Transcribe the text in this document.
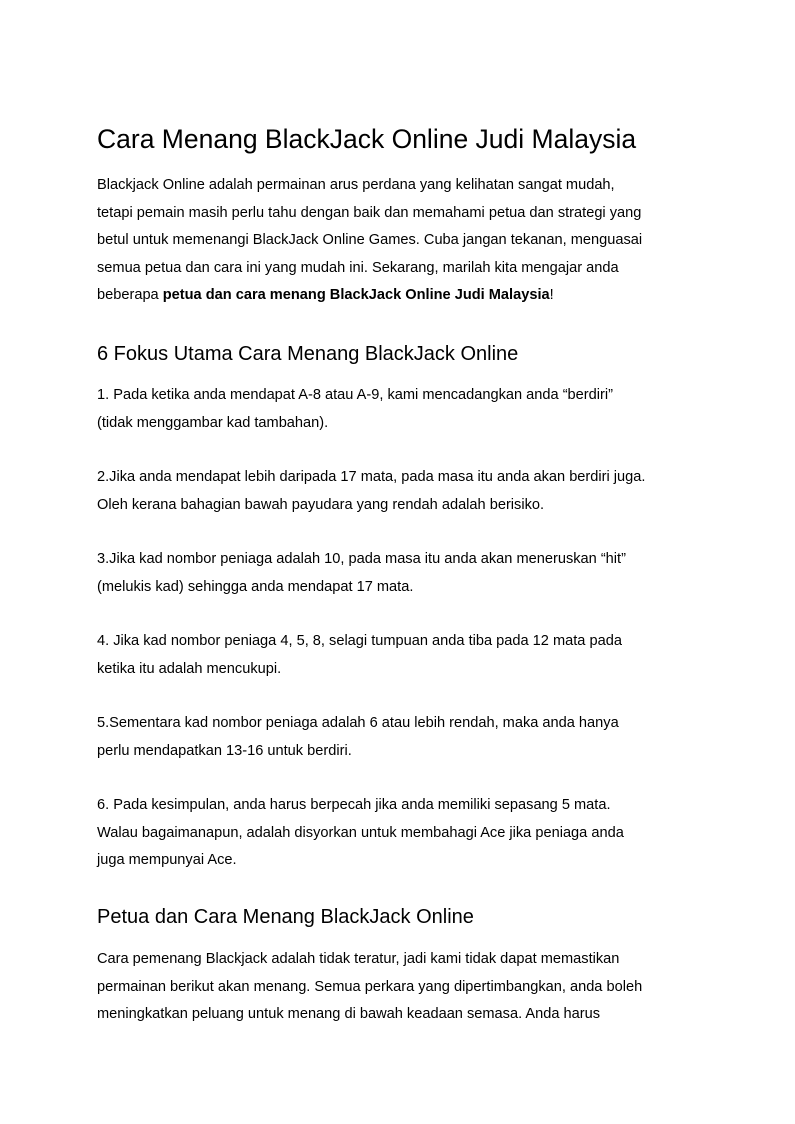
Cara Menang BlackJack Online Judi Malaysia

Blackjack Online adalah permainan arus perdana yang kelihatan sangat mudah,
tetapi pemain masih perlu tahu dengan baik dan memahami petua dan strategi yang
betul untuk memenangi BlackJack Online Games. Cuba jangan tekanan, menguasai
semua petua dan cara ini yang mudah ini. Sekarang, marilah kita mengajar anda
beberapa petua dan cara menang BlackJack Online Judi Malaysia!

6 Fokus Utama Cara Menang BlackJack Online

1. Pada ketika anda mendapat A-8 atau A-9, kami mencadangkan anda “berdiri”
(tidak menggambar kad tambahan).

2.Jika anda mendapat lebih daripada 17 mata, pada masa itu anda akan berdiri juga.
Oleh kerana bahagian bawah payudara yang rendah adalah berisiko.

3.Jika kad nombor peniaga adalah 10, pada masa itu anda akan meneruskan “hit”
(melukis kad) sehingga anda mendapat 17 mata.

4. Jika kad nombor peniaga 4, 5, 8, selagi tumpuan anda tiba pada 12 mata pada
ketika itu adalah mencukupi.

5.Sementara kad nombor peniaga adalah 6 atau lebih rendah, maka anda hanya
perlu mendapatkan 13-16 untuk berdiri.

6. Pada kesimpulan, anda harus berpecah jika anda memiliki sepasang 5 mata.
Walau bagaimanapun, adalah disyorkan untuk membahagi Ace jika peniaga anda
juga mempunyai Ace.

Petua dan Cara Menang BlackJack Online

Cara pemenang Blackjack adalah tidak teratur, jadi kami tidak dapat memastikan
permainan berikut akan menang. Semua perkara yang dipertimbangkan, anda boleh
meningkatkan peluang untuk menang di bawah keadaan semasa. Anda harus
